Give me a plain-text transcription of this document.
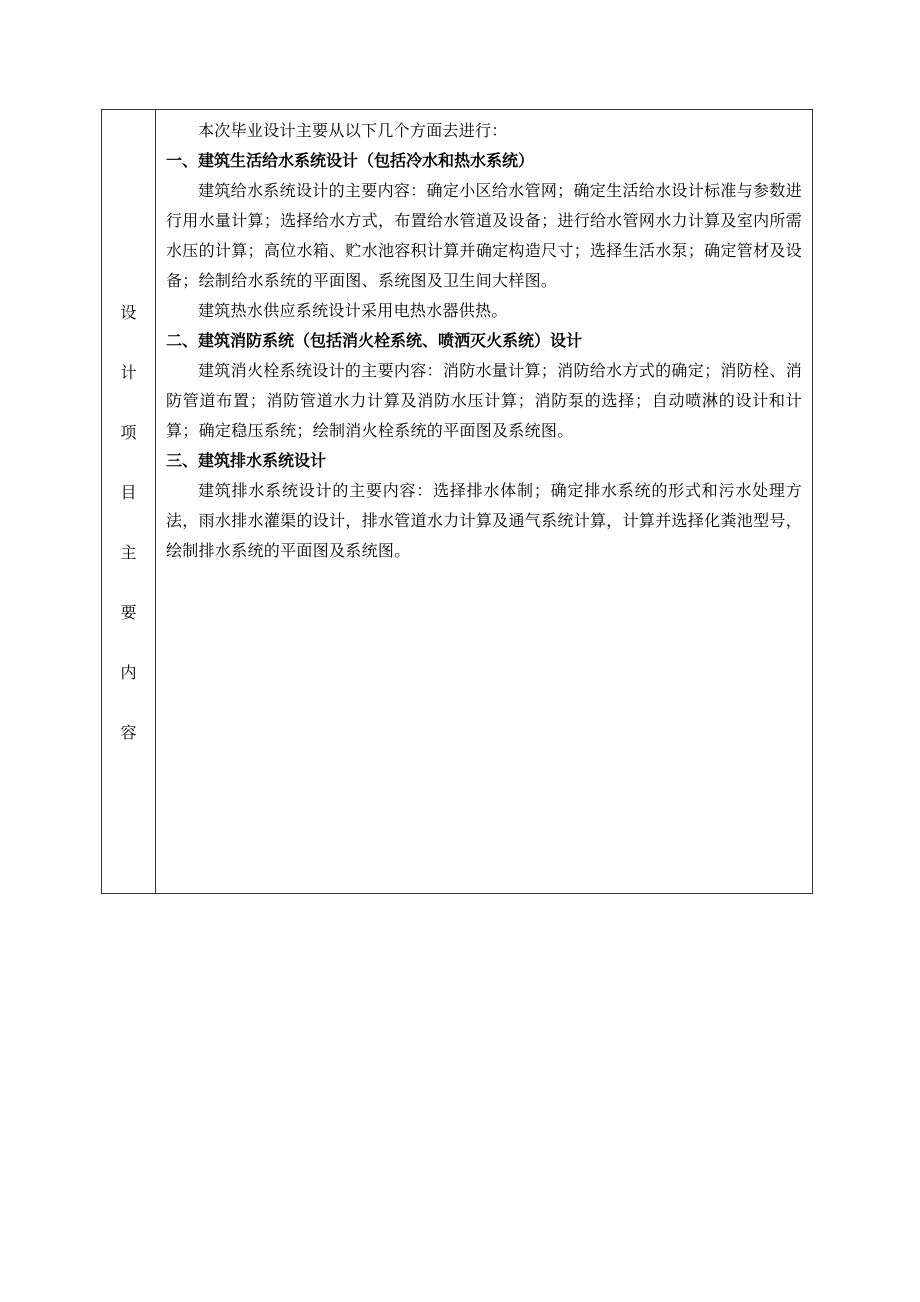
设
计
项
目
主
要
内
容

本次毕业设计主要从以下几个方面去进行：

一、建筑生活给水系统设计（包括冷水和热水系统）

建筑给水系统设计的主要内容：确定小区给水管网；确定生活给水设计标准与参数进行用水量计算；选择给水方式，布置给水管道及设备；进行给水管网水力计算及室内所需水压的计算；高位水箱、贮水池容积计算并确定构造尺寸；选择生活水泵；确定管材及设备；绘制给水系统的平面图、系统图及卫生间大样图。

建筑热水供应系统设计采用电热水器供热。

二、建筑消防系统（包括消火栓系统、喷洒灭火系统）设计

建筑消火栓系统设计的主要内容：消防水量计算；消防给水方式的确定；消防栓、消防管道布置；消防管道水力计算及消防水压计算；消防泵的选择；自动喷淋的设计和计算；确定稳压系统；绘制消火栓系统的平面图及系统图。

三、建筑排水系统设计

建筑排水系统设计的主要内容：选择排水体制；确定排水系统的形式和污水处理方法，雨水排水灌渠的设计，排水管道水力计算及通气系统计算，计算并选择化粪池型号，绘制排水系统的平面图及系统图。
